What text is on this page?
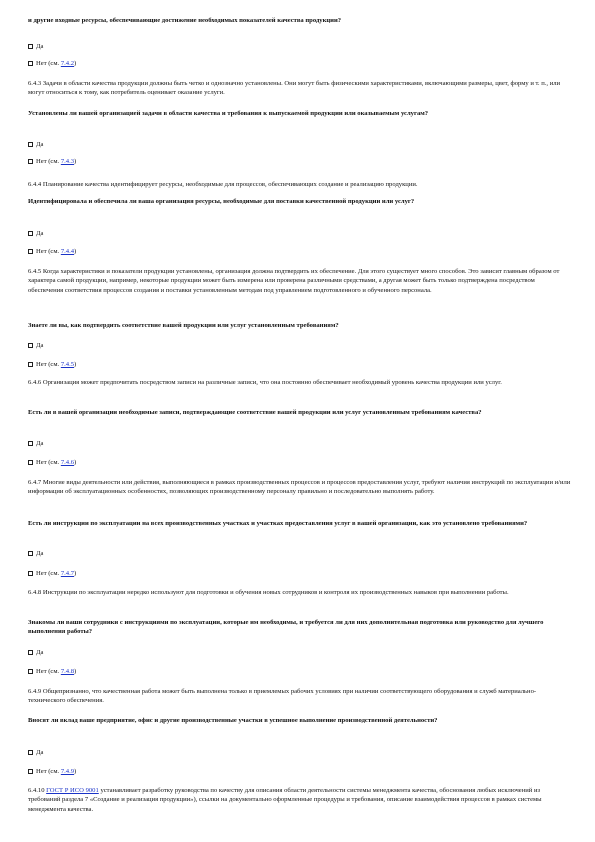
и другие входные ресурсы, обеспечивающие достижение необходимых показателей качества продукции?

Да

Нет (см. 7.4.2)

6.4.3 Задачи в области качества продукции должны быть четко и однозначно установлены. Они могут быть физическими характеристиками, включающими размеры, цвет, форму и т. п., или могут относиться к тому, как потребитель оценивает оказание услуги.

Установлены ли вашей организацией задачи в области качества и требования к выпускаемой продукции или оказываемым услугам?

Да

Нет (см. 7.4.3)

6.4.4 Планирование качества идентифицирует ресурсы, необходимые для процессов, обеспечивающих создание и реализацию продукции.

Идентифицировала и обеспечила ли ваша организация ресурсы, необходимые для поставки качественной продукции или услуг?

Да

Нет (см. 7.4.4)

6.4.5 Когда характеристики и показатели продукции установлены, организация должна подтвердить их обеспечение. Для этого существует много способов. Это зависит главным образом от характера самой продукции, например, некоторые продукции может быть измерена или проверена различными средствами, а другая может быть только подтверждена посредством обеспечения соответствия процессов создания и поставки установленным методам под управлением подготовленного и обученного персонала.

Знаете ли вы, как подтвердить соответствие вашей продукции или услуг установленным требованиям?

Да

Нет (см. 7.4.5)

6.4.6 Организация может предпочитать посредством записи на различные записи, что она постоянно обеспечивает необходимый уровень качества продукции или услуг.

Есть ли в вашей организации необходимые записи, подтверждающие соответствие вашей продукции или услуг установленным требованиям качества?

Да

Нет (см. 7.4.6)

6.4.7 Многие виды деятельности или действия, выполняющиеся в рамках производственных процессов и процессов предоставления услуг, требуют наличия инструкций по эксплуатации и/или информации об эксплуатационных особенностях, позволяющих производственному персоналу правильно и последовательно выполнять работу.

Есть ли инструкции по эксплуатации на всех производственных участках и участках предоставления услуг в вашей организации, как это установлено требованиями?

Да

Нет (см. 7.4.7)

6.4.8 Инструкции по эксплуатации нередко используют для подготовки и обучения новых сотрудников и контроля их производственных навыков при выполнении работы.

Знакомы ли ваши сотрудники с инструкциями по эксплуатации, которые им необходимы, и требуется ли для них дополнительная подготовка или руководство для лучшего выполнения работы?

Да

Нет (см. 7.4.8)

6.4.9 Общепризнанно, что качественная работа может быть выполнена только в приемлемых рабочих условиях при наличии соответствующего оборудования и служб материально-технического обеспечения.

Вносят ли вклад ваше предприятие, офис и другие производственные участки в успешное выполнение производственной деятельности?

Да

Нет (см. 7.4.9)

6.4.10 ГОСТ Р ИСО 9001 устанавливает разработку руководства по качеству для описания области деятельности системы менеджмента качества, обоснования любых исключений из требований раздела 7 «Создание и реализация продукции»), ссылки на документально оформленные процедуры и требования, описание взаимодействия процессов в рамках системы менеджмента качества.
